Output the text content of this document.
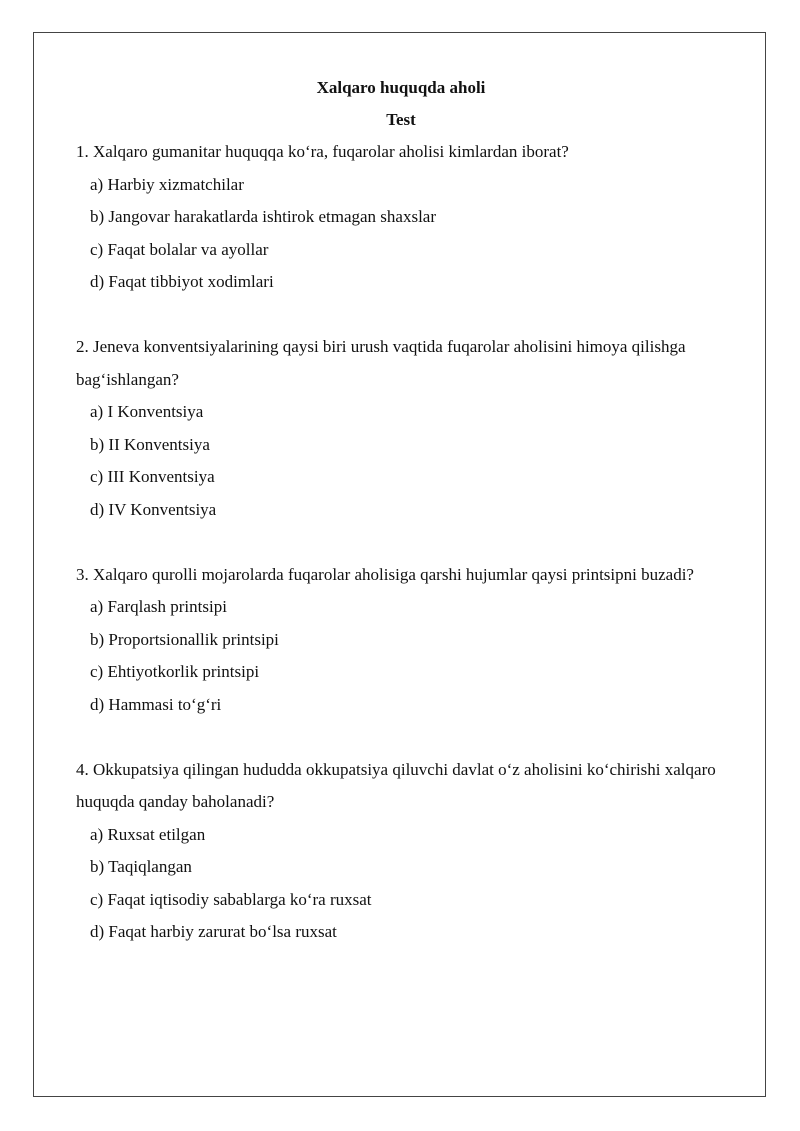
Xalqaro huquqda aholi
Test
1. Xalqaro gumanitar huquqqa ko‘ra, fuqarolar aholisi kimlardan iborat?
a) Harbiy xizmatchilar
b) Jangovar harakatlarda ishtirok etmagan shaxslar
c) Faqat bolalar va ayollar
d) Faqat tibbiyot xodimlari
2. Jeneva konventsiyalarining qaysi biri urush vaqtida fuqarolar aholisini himoya qilishga bag‘ishlangan?
a) I Konventsiya
b) II Konventsiya
c) III Konventsiya
d) IV Konventsiya
3. Xalqaro qurolli mojarolarda fuqarolar aholisiga qarshi hujumlar qaysi printsipni buzadi?
a) Farqlash printsipi
b) Proportsionallik printsipi
c) Ehtiyotkorlik printsipi
d) Hammasi to‘g‘ri
4. Okkupatsiya qilingan hududda okkupatsiya qiluvchi davlat o‘z aholisini ko‘chirishi xalqaro huquqda qanday baholanadi?
a) Ruxsat etilgan
b) Taqiqlangan
c) Faqat iqtisodiy sabablarga ko‘ra ruxsat
d) Faqat harbiy zarurat bo‘lsa ruxsat
